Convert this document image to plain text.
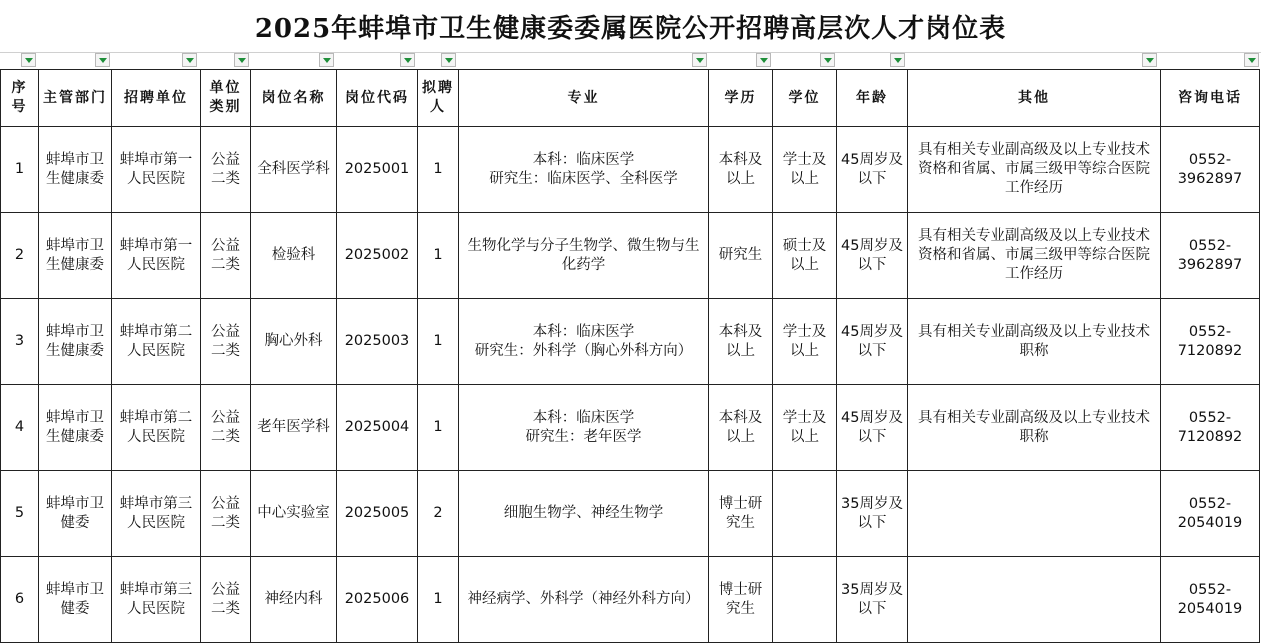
2025年蚌埠市卫生健康委委属医院公开招聘高层次人才岗位表
序号	主管部门	招聘单位	单位类别	岗位名称	岗位代码	拟聘人	专业	学历	学位	年龄	其他	咨询电话
1	蚌埠市卫生健康委	蚌埠市第一人民医院	公益二类	全科医学科	2025001	1	本科：临床医学
研究生：临床医学、全科医学	本科及以上	学士及以上	45周岁及以下	具有相关专业副高级及以上专业技术资格和省属、市属三级甲等综合医院工作经历	0552-3962897
2	蚌埠市卫生健康委	蚌埠市第一人民医院	公益二类	检验科	2025002	1	生物化学与分子生物学、微生物与生化药学	研究生	硕士及以上	45周岁及以下	具有相关专业副高级及以上专业技术资格和省属、市属三级甲等综合医院工作经历	0552-3962897
3	蚌埠市卫生健康委	蚌埠市第二人民医院	公益二类	胸心外科	2025003	1	本科：临床医学
研究生：外科学（胸心外科方向）	本科及以上	学士及以上	45周岁及以下	具有相关专业副高级及以上专业技术职称	0552-7120892
4	蚌埠市卫生健康委	蚌埠市第二人民医院	公益二类	老年医学科	2025004	1	本科：临床医学
研究生：老年医学	本科及以上	学士及以上	45周岁及以下	具有相关专业副高级及以上专业技术职称	0552-7120892
5	蚌埠市卫健委	蚌埠市第三人民医院	公益二类	中心实验室	2025005	2	细胞生物学、神经生物学	博士研究生		35周岁及以下		0552-2054019
6	蚌埠市卫健委	蚌埠市第三人民医院	公益二类	神经内科	2025006	1	神经病学、外科学（神经外科方向）	博士研究生		35周岁及以下		0552-2054019
